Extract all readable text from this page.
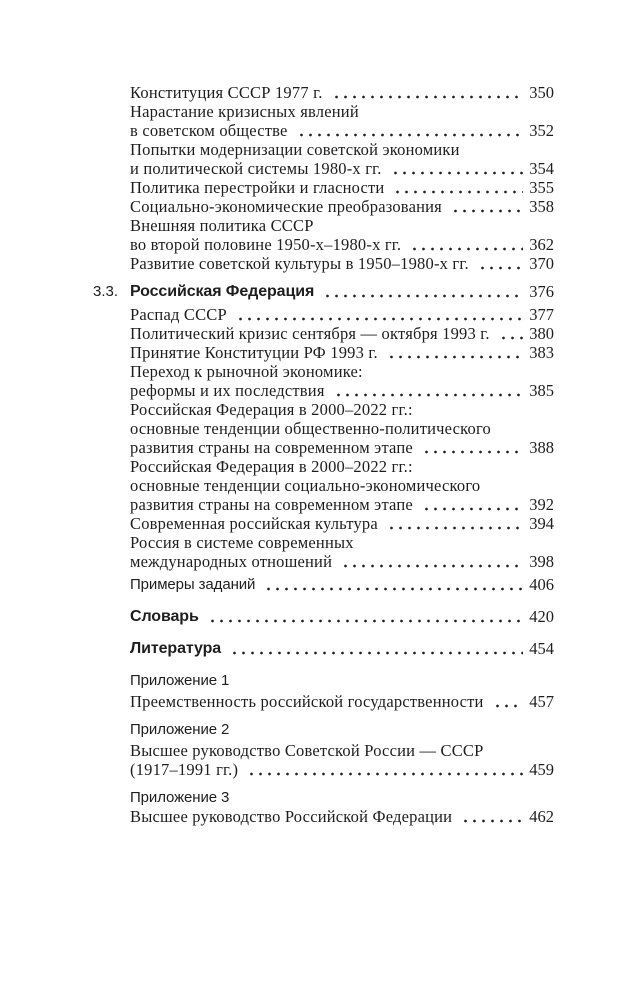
Конституция СССР 1977 г.	350
Нарастание кризисных явлений
в советском обществе	352
Попытки модернизации советской экономики
и политической системы 1980-х гг.	354
Политика перестройки и гласности	355
Социально-экономические преобразования	358
Внешняя политика СССР
во второй половине 1950-х–1980-х гг.	362
Развитие советской культуры в 1950–1980-х гг.	370
3.3. Российская Федерация	376
Распад СССР	377
Политический кризис сентября — октября 1993 г. 380
Принятие Конституции РФ 1993 г.	383
Переход к рыночной экономике:
реформы и их последствия	385
Российская Федерация в 2000–2022 гг.:
основные тенденции общественно-политического
развития страны на современном этапе	388
Российская Федерация в 2000–2022 гг.:
основные тенденции социально-экономического
развития страны на современном этапе	392
Современная российская культура	394
Россия в системе современных
международных отношений	398
Примеры заданий	406
Словарь	420
Литература	454
Приложение 1
Преемственность российской государственности	457
Приложение 2
Высшее руководство Советской России — СССР
(1917–1991 гг.)	459
Приложение 3
Высшее руководство Российской Федерации	462
